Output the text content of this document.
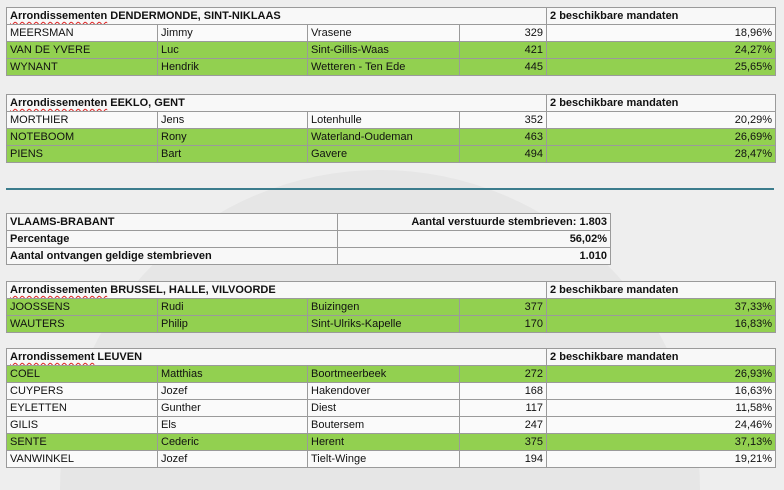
Arrondissementen DENDERMONDE, SINT-NIKLAAS				2 beschikbare mandaten
MEERSMAN	Jimmy	Vrasene	329	18,96%
VAN DE YVERE	Luc	Sint-Gillis-Waas	421	24,27%
WYNANT	Hendrik	Wetteren - Ten Ede	445	25,65%
Arrondissementen EEKLO, GENT				2 beschikbare mandaten
MORTHIER	Jens	Lotenhulle	352	20,29%
NOTEBOOM	Rony	Waterland-Oudeman	463	26,69%
PIENS	Bart	Gavere	494	28,47%
VLAAMS-BRABANT	Aantal verstuurde stembrieven: 1.803
Percentage	56,02%
Aantal ontvangen geldige stembrieven	1.010
Arrondissementen BRUSSEL, HALLE, VILVOORDE				2 beschikbare mandaten
JOOSSENS	Rudi	Buizingen	377	37,33%
WAUTERS	Philip	Sint-Ulriks-Kapelle	170	16,83%
Arrondissement LEUVEN				2 beschikbare mandaten
COEL	Matthias	Boortmeerbeek	272	26,93%
CUYPERS	Jozef	Hakendover	168	16,63%
EYLETTEN	Gunther	Diest	117	11,58%
GILIS	Els	Boutersem	247	24,46%
SENTE	Cederic	Herent	375	37,13%
VANWINKEL	Jozef	Tielt-Winge	194	19,21%
